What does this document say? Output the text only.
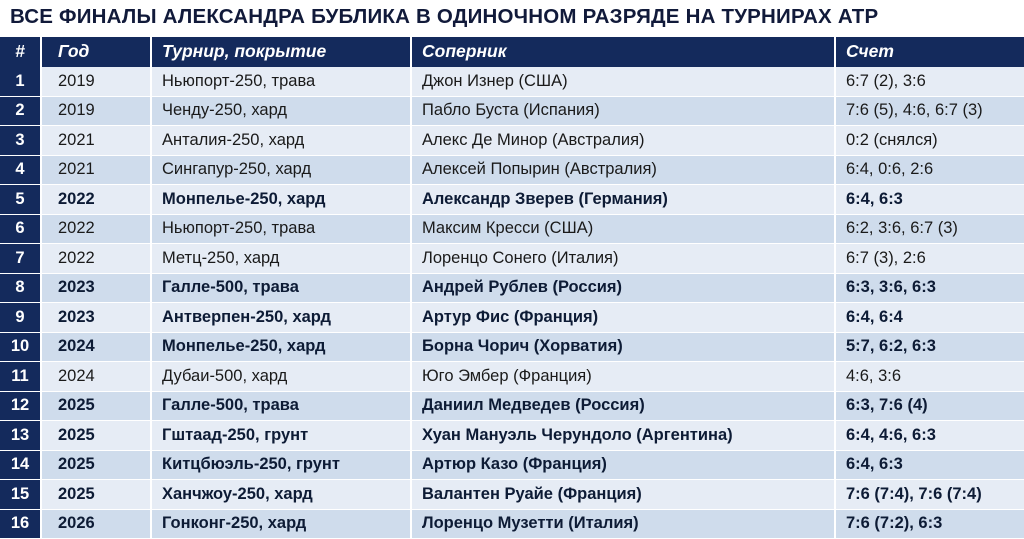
ВСЕ ФИНАЛЫ АЛЕКСАНДРА БУБЛИКА В ОДИНОЧНОМ РАЗРЯДЕ НА ТУРНИРАХ АТР
#	Год	Турнир, покрытие	Соперник	Счет
1	2019	Ньюпорт-250, трава	Джон Изнер (США)	6:7 (2), 3:6
2	2019	Ченду-250, хард	Пабло Буста (Испания)	7:6 (5), 4:6, 6:7 (3)
3	2021	Анталия-250, хард	Алекс Де Минор (Австралия)	0:2 (снялся)
4	2021	Сингапур-250, хард	Алексей Попырин (Австралия)	6:4, 0:6, 2:6
5	2022	Монпелье-250, хард	Александр Зверев (Германия)	6:4, 6:3
6	2022	Ньюпорт-250, трава	Максим Кресси (США)	6:2, 3:6, 6:7 (3)
7	2022	Метц-250, хард	Лоренцо Сонего (Италия)	6:7 (3), 2:6
8	2023	Галле-500, трава	Андрей Рублев (Россия)	6:3, 3:6, 6:3
9	2023	Антверпен-250, хард	Артур Фис (Франция)	6:4, 6:4
10	2024	Монпелье-250, хард	Борна Чорич (Хорватия)	5:7, 6:2, 6:3
11	2024	Дубаи-500, хард	Юго Эмбер (Франция)	4:6, 3:6
12	2025	Галле-500, трава	Даниил Медведев (Россия)	6:3, 7:6 (4)
13	2025	Гштаад-250, грунт	Хуан Мануэль Черундоло (Аргентина)	6:4, 4:6, 6:3
14	2025	Китцбюэль-250, грунт	Артюр Казо (Франция)	6:4, 6:3
15	2025	Ханчжоу-250, хард	Валантен Руайе (Франция)	7:6 (7:4), 7:6 (7:4)
16	2026	Гонконг-250, хард	Лоренцо Музетти (Италия)	7:6 (7:2), 6:3
